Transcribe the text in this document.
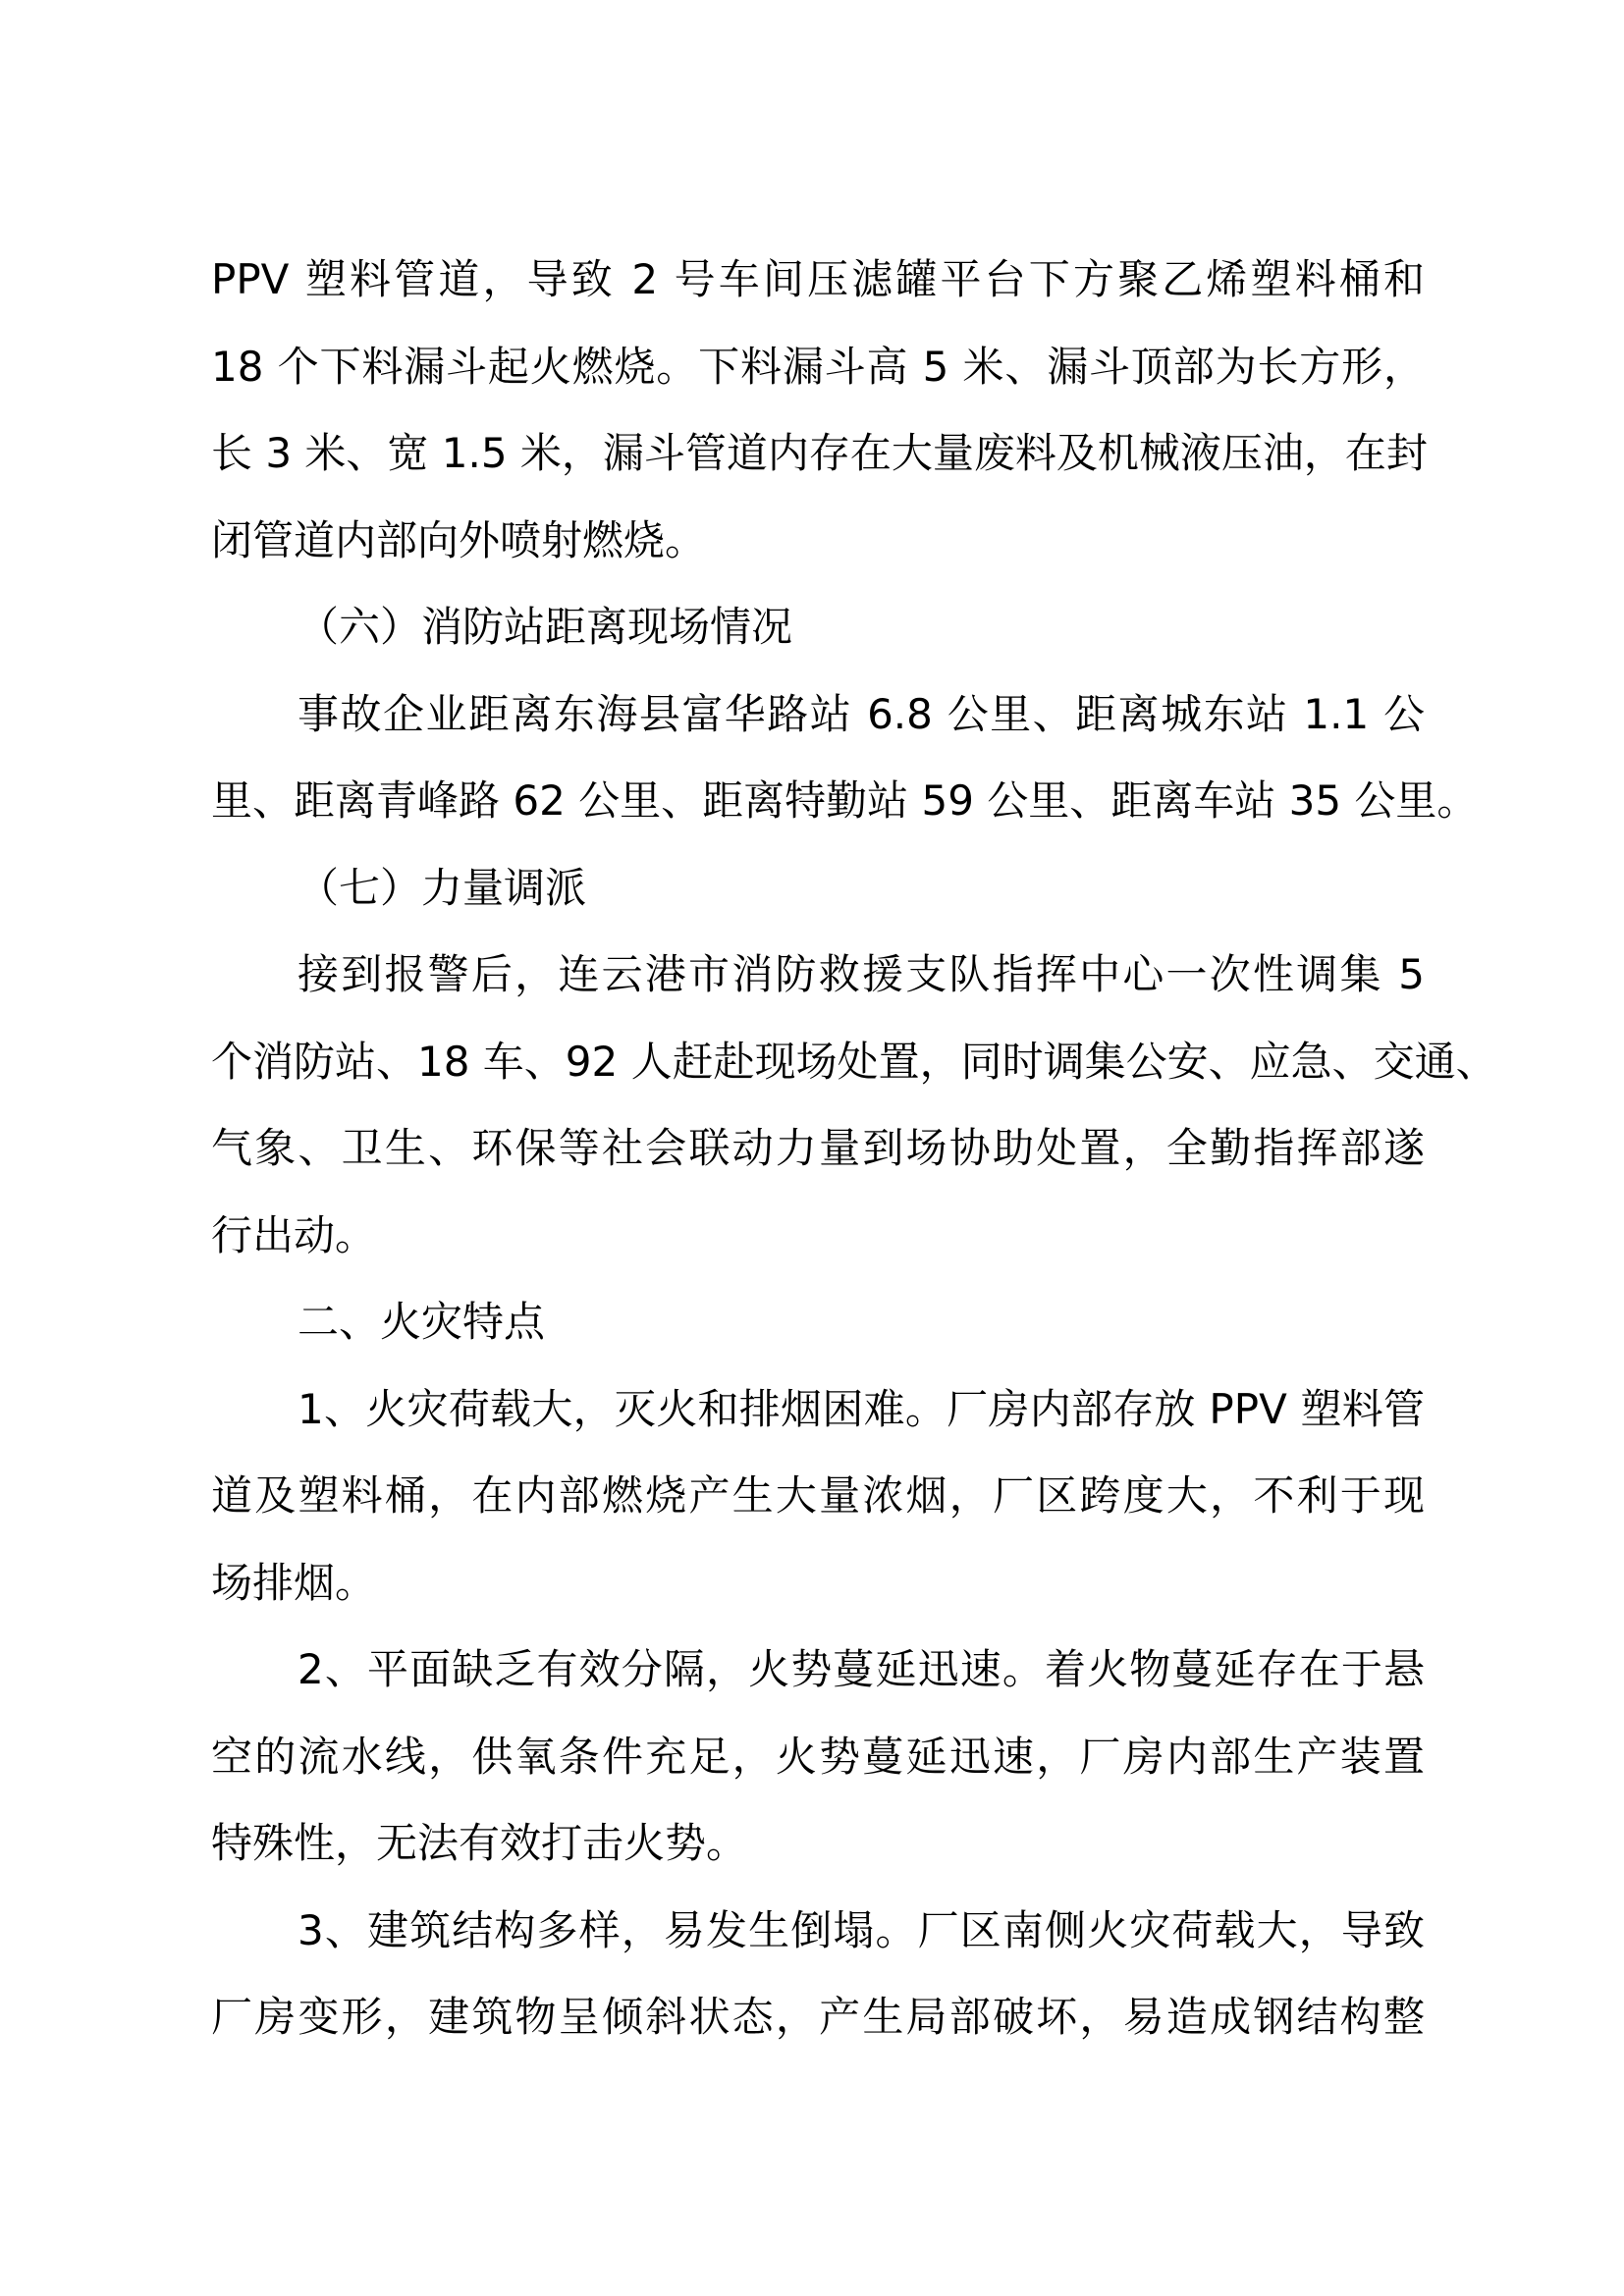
PPV 塑料管道，导致 2 号车间压滤罐平台下方聚乙烯塑料桶和
18 个下料漏斗起火燃烧。下料漏斗高 5 米、漏斗顶部为长方形，
长 3 米、宽 1.5 米，漏斗管道内存在大量废料及机械液压油，在封
闭管道内部向外喷射燃烧。
（六）消防站距离现场情况
事故企业距离东海县富华路站 6.8 公里、距离城东站 1.1 公
里、距离青峰路 62 公里、距离特勤站 59 公里、距离车站 35 公里。
（七）力量调派
接到报警后，连云港市消防救援支队指挥中心一次性调集 5
个消防站、18 车、92 人赶赴现场处置，同时调集公安、应急、交通、
气象、卫生、环保等社会联动力量到场协助处置，全勤指挥部遂
行出动。
二、火灾特点
1、火灾荷载大，灭火和排烟困难。厂房内部存放 PPV 塑料管
道及塑料桶，在内部燃烧产生大量浓烟，厂区跨度大，不利于现
场排烟。
2、平面缺乏有效分隔，火势蔓延迅速。着火物蔓延存在于悬
空的流水线，供氧条件充足，火势蔓延迅速，厂房内部生产装置
特殊性，无法有效打击火势。
3、建筑结构多样，易发生倒塌。厂区南侧火灾荷载大，导致
厂房变形，建筑物呈倾斜状态，产生局部破坏，易造成钢结构整
